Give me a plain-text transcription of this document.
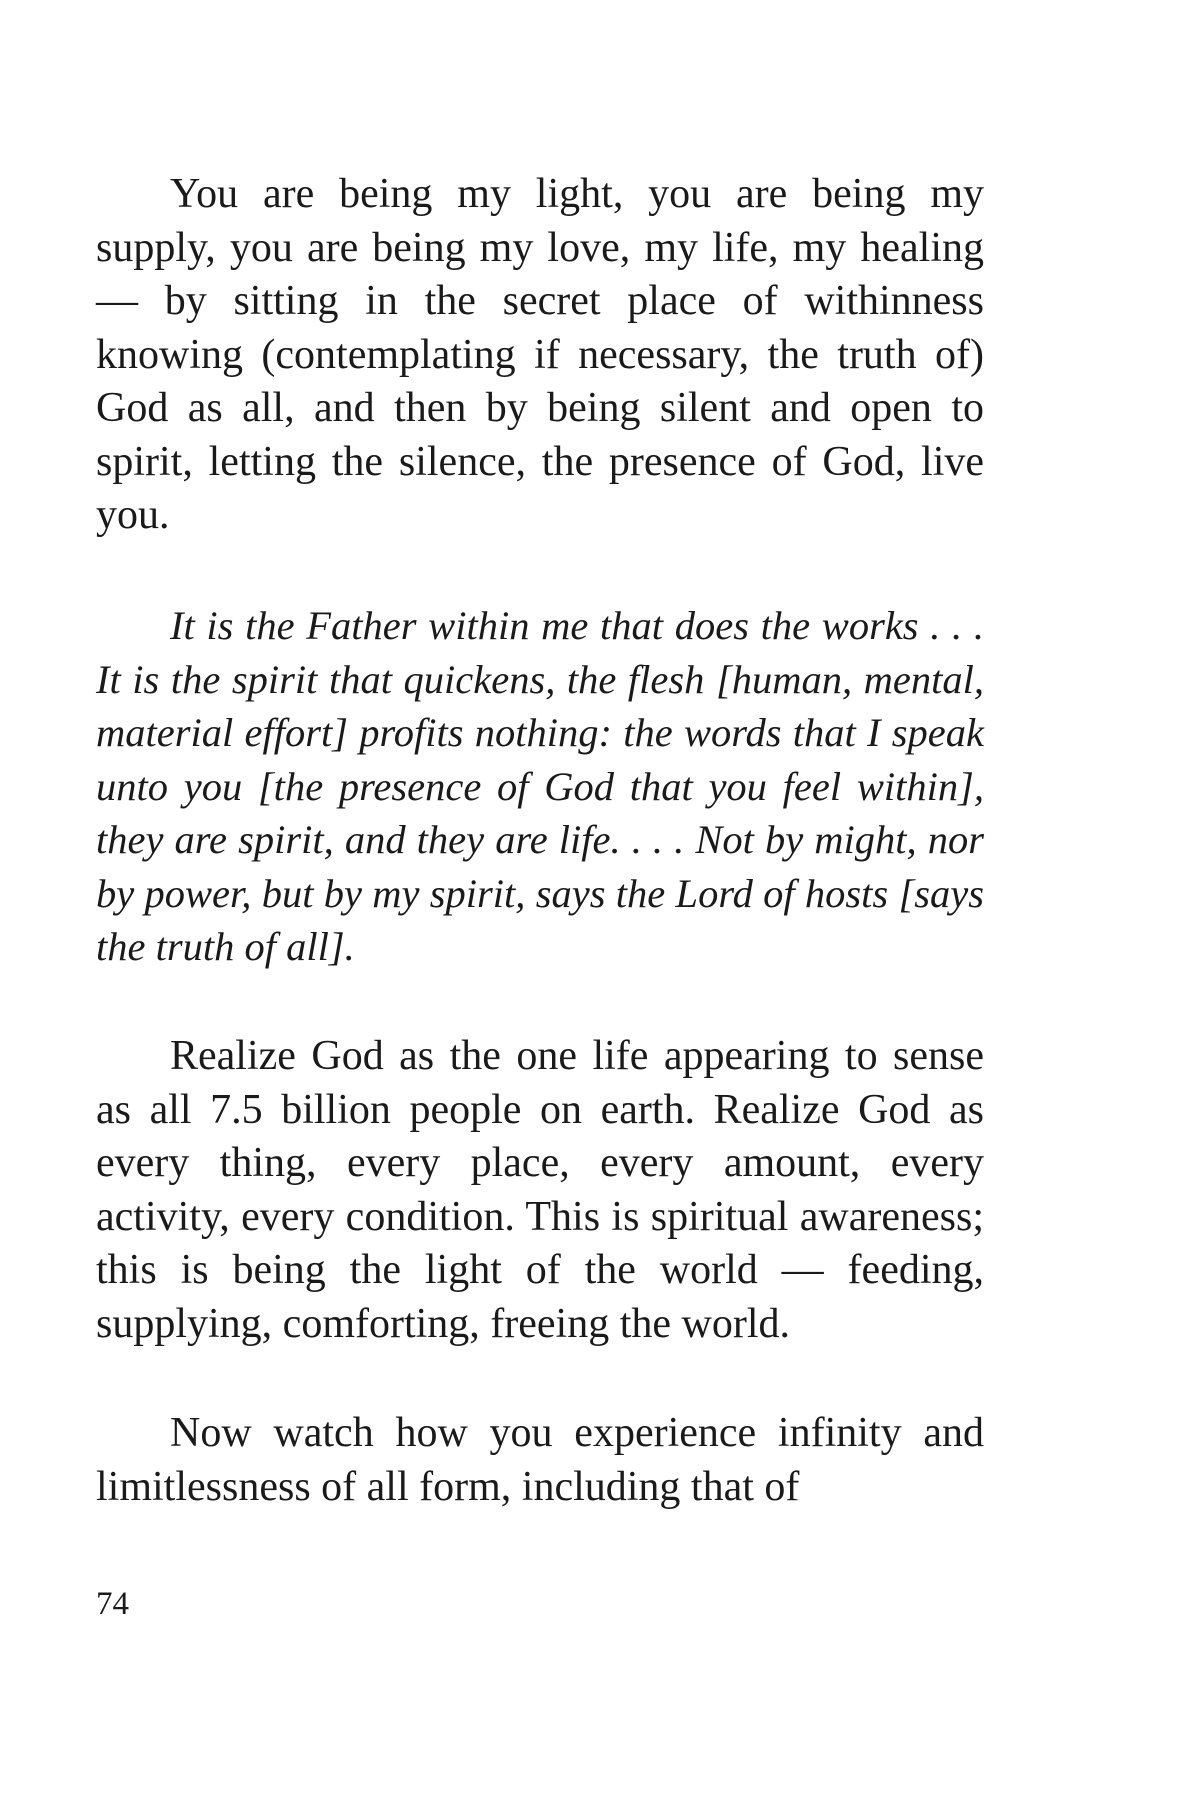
You are being my light, you are being my supply, you are being my love, my life, my healing — by sitting in the secret place of withinness knowing (contemplating if necessary, the truth of) God as all, and then by being silent and open to spirit, letting the silence, the presence of God, live you.

It is the Father within me that does the works . . . It is the spirit that quickens, the flesh [human, mental, material effort] profits nothing: the words that I speak unto you [the presence of God that you feel within], they are spirit, and they are life. . . . Not by might, nor by power, but by my spirit, says the Lord of hosts [says the truth of all].

Realize God as the one life appearing to sense as all 7.5 billion people on earth. Realize God as every thing, every place, every amount, every activity, every condition. This is spiritual awareness; this is being the light of the world — feeding, supplying, comforting, freeing the world.

Now watch how you experience infinity and limitlessness of all form, including that of

74
